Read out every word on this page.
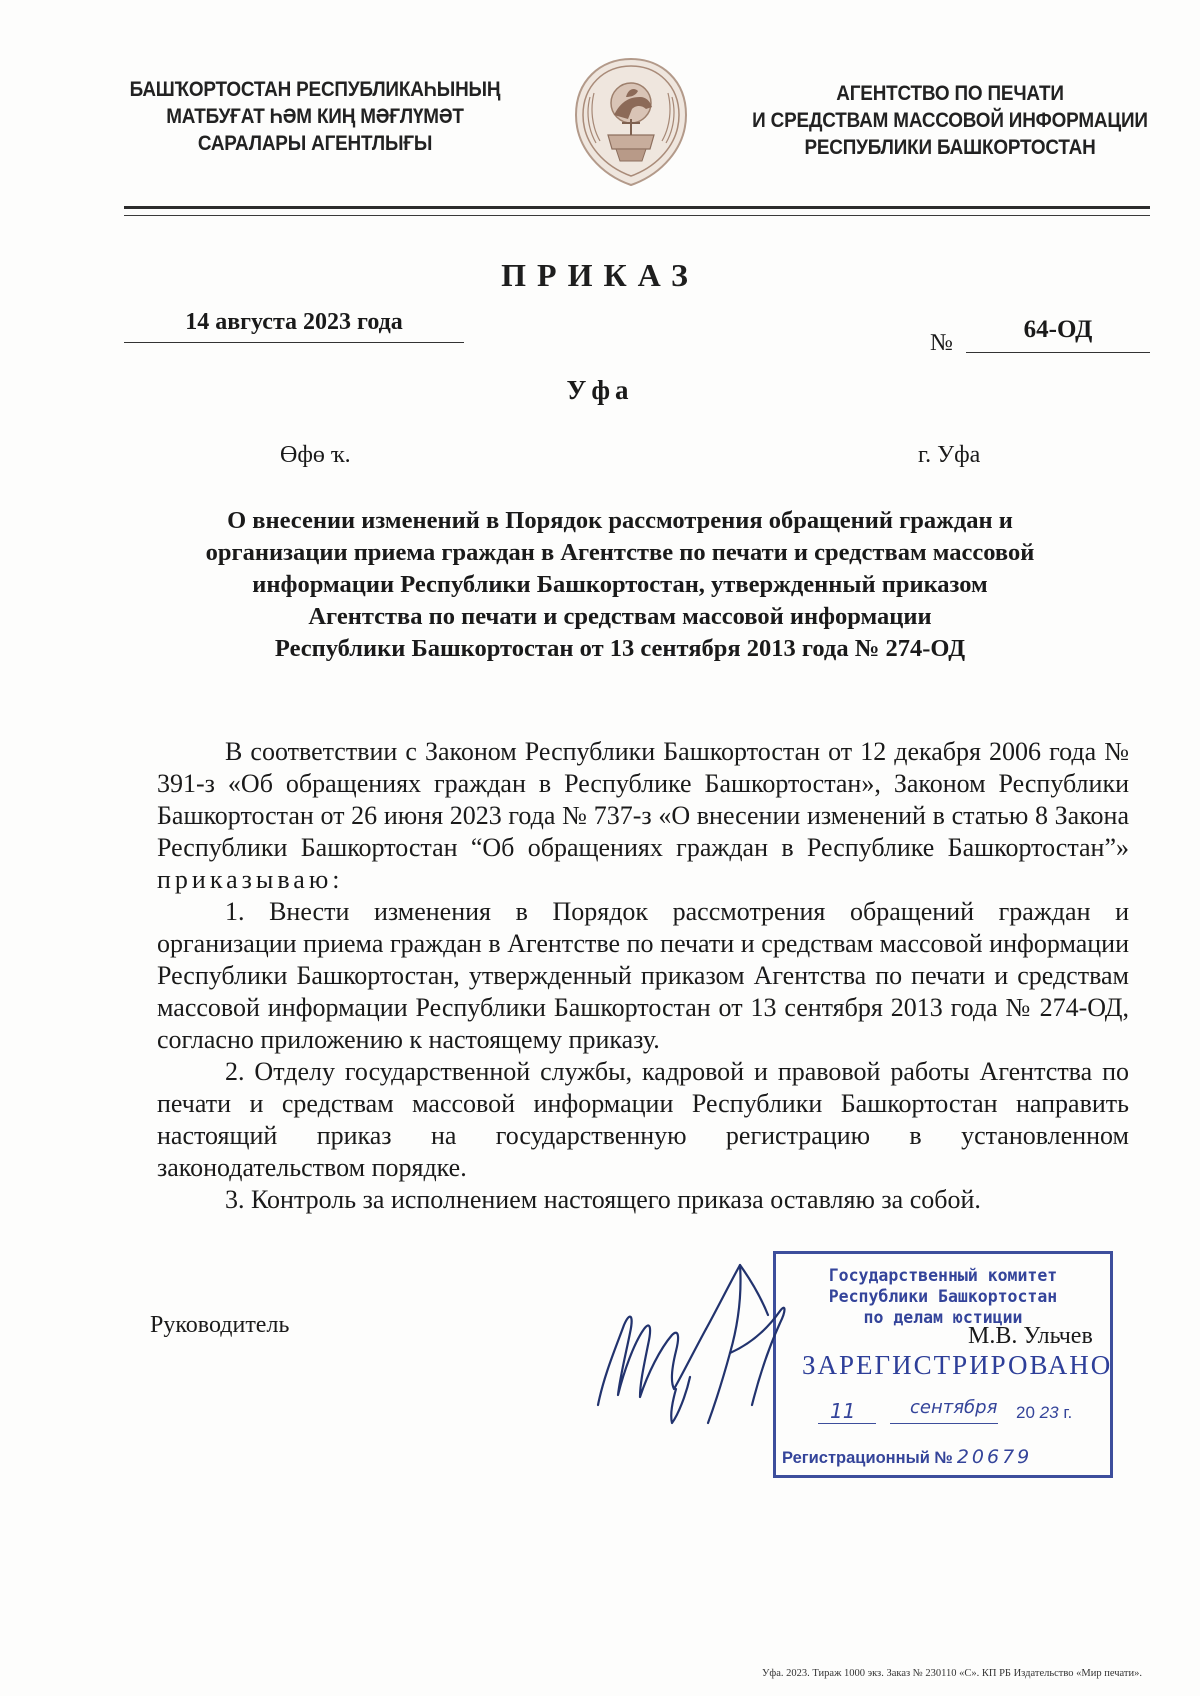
БАШҠОРТОСТАН РЕСПУБЛИКАҺЫНЫҢ
МАТБУҒАТ ҺӘМ КИҢ МӘҒЛҮМӘТ
САРАЛАРЫ АГЕНТЛЫҒЫ
АГЕНТСТВО ПО ПЕЧАТИ
И СРЕДСТВАМ МАССОВОЙ ИНФОРМАЦИИ
РЕСПУБЛИКИ БАШКОРТОСТАН
ПРИКАЗ
14 августа 2023 года
№	64-ОД
Уфа
Өфө ҡ.	г. Уфа
О внесении изменений в Порядок рассмотрения обращений граждан и
организации приема граждан в Агентстве по печати и средствам массовой
информации Республики Башкортостан, утвержденный приказом
Агентства по печати и средствам массовой информации
Республики Башкортостан от 13 сентября 2013 года № 274-ОД

В соответствии с Законом Республики Башкортостан от 12 декабря 2006 года № 391-з «Об обращениях граждан в Республике Башкортостан», Законом Республики Башкортостан от 26 июня 2023 года № 737-з «О внесении изменений в статью 8 Закона Республики Башкортостан “Об обращениях граждан в Республике Башкортостан”» приказываю:

1. Внести изменения в Порядок рассмотрения обращений граждан и организации приема граждан в Агентстве по печати и средствам массовой информации Республики Башкортостан, утвержденный приказом Агентства по печати и средствам массовой информации Республики Башкортостан от 13 сентября 2013 года № 274-ОД, согласно приложению к настоящему приказу.

2. Отделу государственной службы, кадровой и правовой работы Агентства по печати и средствам массовой информации Республики Башкортостан направить настоящий приказ на государственную регистрацию в установленном законодательством порядке.

3. Контроль за исполнением настоящего приказа оставляю за собой.

Руководитель
Государственный комитет
Республики Башкортостан
по делам юстиции
ЗАРЕГИСТРИРОВАНО
11	сентября 20 23 г.
Регистрационный № 20679
М.В. Ульчев
Уфа. 2023. Тираж 1000 экз. Заказ № 230110 «С». КП РБ Издательство «Мир печати».
